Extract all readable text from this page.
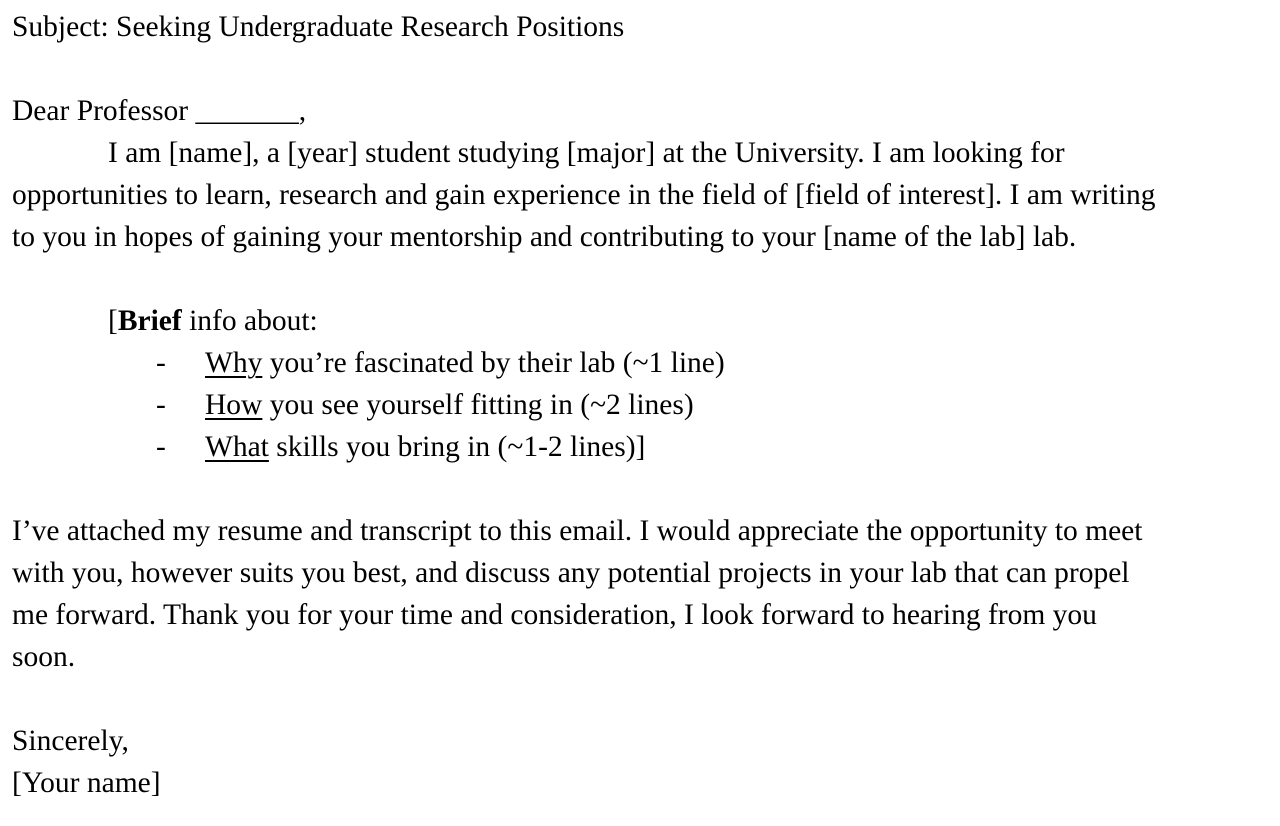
Subject: Seeking Undergraduate Research Positions
Dear Professor _______,
I am [name], a [year] student studying [major] at the University. I am looking for
opportunities to learn, research and gain experience in the field of [field of interest]. I am writing
to you in hopes of gaining your mentorship and contributing to your [name of the lab] lab.
[Brief info about:
- Why you’re fascinated by their lab (~1 line)
- How you see yourself fitting in (~2 lines)
- What skills you bring in (~1-2 lines)]
I’ve attached my resume and transcript to this email. I would appreciate the opportunity to meet
with you, however suits you best, and discuss any potential projects in your lab that can propel
me forward. Thank you for your time and consideration, I look forward to hearing from you
soon.
Sincerely,
[Your name]
